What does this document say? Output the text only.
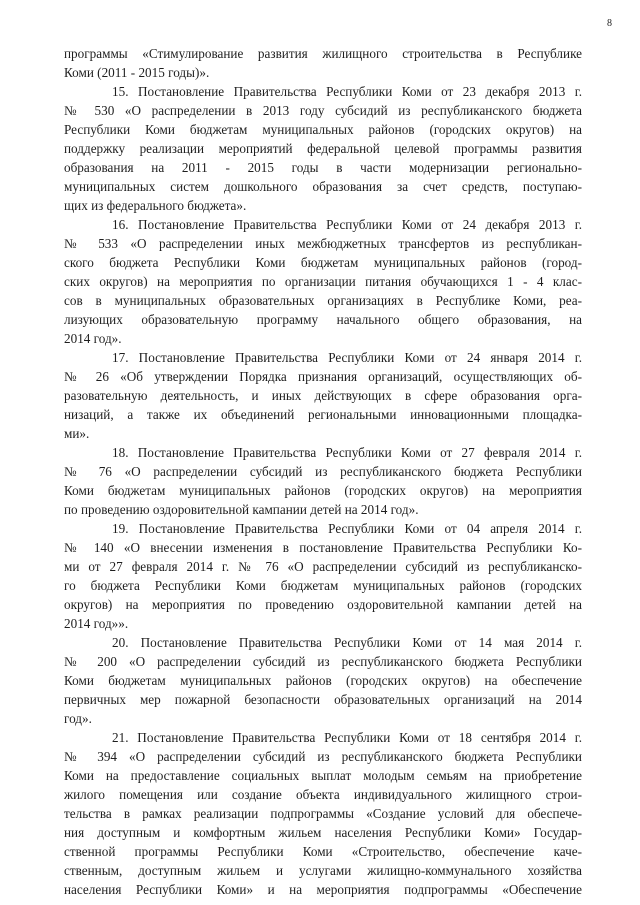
8
программы «Стимулирование развития жилищного строительства в Республике
Коми (2011 - 2015 годы)».
15. Постановление Правительства Республики Коми от 23 декабря 2013 г.
№ 530 «О распределении в 2013 году субсидий из республиканского бюджета
Республики Коми бюджетам муниципальных районов (городских округов) на
поддержку реализации мероприятий федеральной целевой программы развития
образования на 2011 - 2015 годы в части модернизации регионально-
муниципальных систем дошкольного образования за счет средств, поступаю-
щих из федерального бюджета».
16. Постановление Правительства Республики Коми от 24 декабря 2013 г.
№ 533 «О распределении иных межбюджетных трансфертов из республикан-
ского бюджета Республики Коми бюджетам муниципальных районов (город-
ских округов) на мероприятия по организации питания обучающихся 1 - 4 клас-
сов в муниципальных образовательных организациях в Республике Коми, реа-
лизующих образовательную программу начального общего образования, на
2014 год».
17. Постановление Правительства Республики Коми от 24 января 2014 г.
№ 26 «Об утверждении Порядка признания организаций, осуществляющих об-
разовательную деятельность, и иных действующих в сфере образования орга-
низаций, а также их объединений региональными инновационными площадка-
ми».
18. Постановление Правительства Республики Коми от 27 февраля 2014 г.
№ 76 «О распределении субсидий из республиканского бюджета Республики
Коми бюджетам муниципальных районов (городских округов) на мероприятия
по проведению оздоровительной кампании детей на 2014 год».
19. Постановление Правительства Республики Коми от 04 апреля 2014 г.
№ 140 «О внесении изменения в постановление Правительства Республики Ко-
ми от 27 февраля 2014 г. № 76 «О распределении субсидий из республиканско-
го бюджета Республики Коми бюджетам муниципальных районов (городских
округов) на мероприятия по проведению оздоровительной кампании детей на
2014 год»».
20. Постановление Правительства Республики Коми от 14 мая 2014 г.
№ 200 «О распределении субсидий из республиканского бюджета Республики
Коми бюджетам муниципальных районов (городских округов) на обеспечение
первичных мер пожарной безопасности образовательных организаций на 2014
год».
21. Постановление Правительства Республики Коми от 18 сентября 2014 г.
№ 394 «О распределении субсидий из республиканского бюджета Республики
Коми на предоставление социальных выплат молодым семьям на приобретение
жилого помещения или создание объекта индивидуального жилищного строи-
тельства в рамках реализации подпрограммы «Создание условий для обеспече-
ния доступным и комфортным жильем населения Республики Коми» Государ-
ственной программы Республики Коми «Строительство, обеспечение каче-
ственным, доступным жильем и услугами жилищно-коммунального хозяйства
населения Республики Коми» и на мероприятия подпрограммы «Обеспечение
